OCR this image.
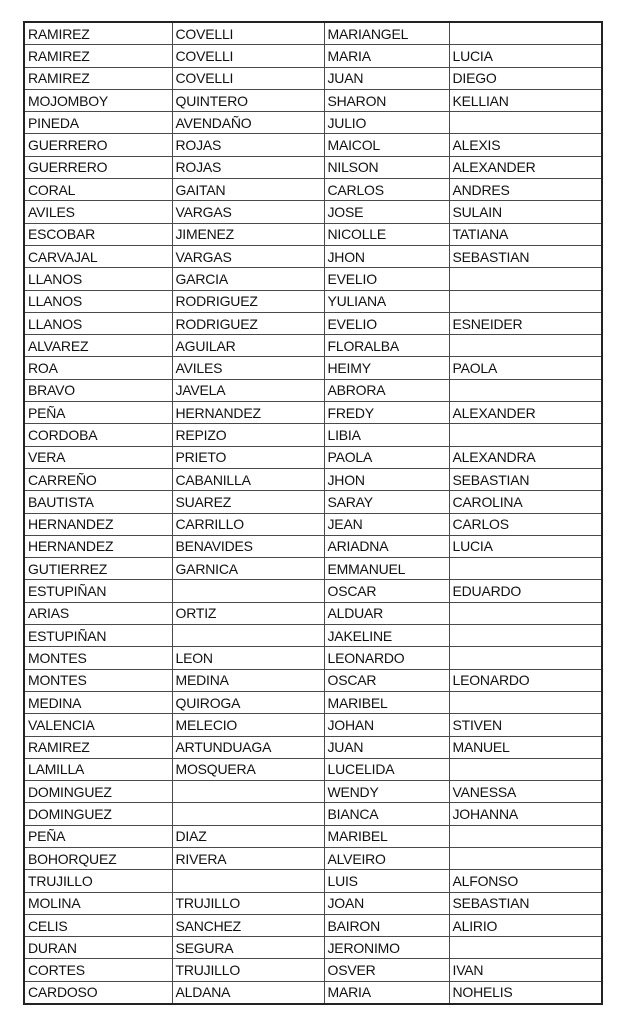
RAMIREZ	COVELLI	MARIANGEL	
RAMIREZ	COVELLI	MARIA	LUCIA
RAMIREZ	COVELLI	JUAN	DIEGO
MOJOMBOY	QUINTERO	SHARON	KELLIAN
PINEDA	AVENDAÑO	JULIO	
GUERRERO	ROJAS	MAICOL	ALEXIS
GUERRERO	ROJAS	NILSON	ALEXANDER
CORAL	GAITAN	CARLOS	ANDRES
AVILES	VARGAS	JOSE	SULAIN
ESCOBAR	JIMENEZ	NICOLLE	TATIANA
CARVAJAL	VARGAS	JHON	SEBASTIAN
LLANOS	GARCIA	EVELIO	
LLANOS	RODRIGUEZ	YULIANA	
LLANOS	RODRIGUEZ	EVELIO	ESNEIDER
ALVAREZ	AGUILAR	FLORALBA	
ROA	AVILES	HEIMY	PAOLA
BRAVO	JAVELA	ABRORA	
PEÑA	HERNANDEZ	FREDY	ALEXANDER
CORDOBA	REPIZO	LIBIA	
VERA	PRIETO	PAOLA	ALEXANDRA
CARREÑO	CABANILLA	JHON	SEBASTIAN
BAUTISTA	SUAREZ	SARAY	CAROLINA
HERNANDEZ	CARRILLO	JEAN	CARLOS
HERNANDEZ	BENAVIDES	ARIADNA	LUCIA
GUTIERREZ	GARNICA	EMMANUEL	
ESTUPIÑAN		OSCAR	EDUARDO
ARIAS	ORTIZ	ALDUAR	
ESTUPIÑAN		JAKELINE	
MONTES	LEON	LEONARDO	
MONTES	MEDINA	OSCAR	LEONARDO
MEDINA	QUIROGA	MARIBEL	
VALENCIA	MELECIO	JOHAN	STIVEN
RAMIREZ	ARTUNDUAGA	JUAN	MANUEL
LAMILLA	MOSQUERA	LUCELIDA	
DOMINGUEZ		WENDY	VANESSA
DOMINGUEZ		BIANCA	JOHANNA
PEÑA	DIAZ	MARIBEL	
BOHORQUEZ	RIVERA	ALVEIRO	
TRUJILLO		LUIS	ALFONSO
MOLINA	TRUJILLO	JOAN	SEBASTIAN
CELIS	SANCHEZ	BAIRON	ALIRIO
DURAN	SEGURA	JERONIMO	
CORTES	TRUJILLO	OSVER	IVAN
CARDOSO	ALDANA	MARIA	NOHELIS
